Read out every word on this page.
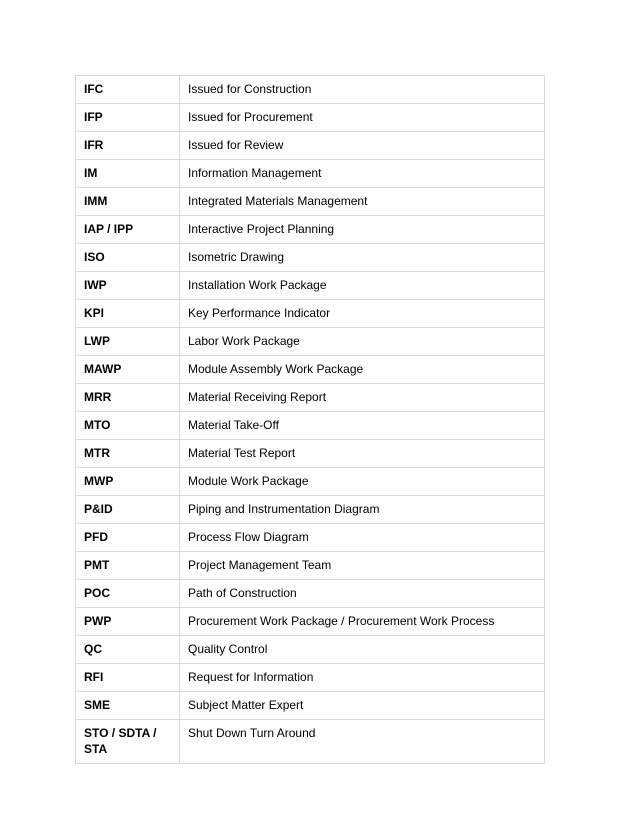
IFC	Issued for Construction
IFP	Issued for Procurement
IFR	Issued for Review
IM	Information Management
IMM	Integrated Materials Management
IAP / IPP	Interactive Project Planning
ISO	Isometric Drawing
IWP	Installation Work Package
KPI	Key Performance Indicator
LWP	Labor Work Package
MAWP	Module Assembly Work Package
MRR	Material Receiving Report
MTO	Material Take-Off
MTR	Material Test Report
MWP	Module Work Package
P&ID	Piping and Instrumentation Diagram
PFD	Process Flow Diagram
PMT	Project Management Team
POC	Path of Construction
PWP	Procurement Work Package / Procurement Work Process
QC	Quality Control
RFI	Request for Information
SME	Subject Matter Expert
STO / SDTA / STA	Shut Down Turn Around
